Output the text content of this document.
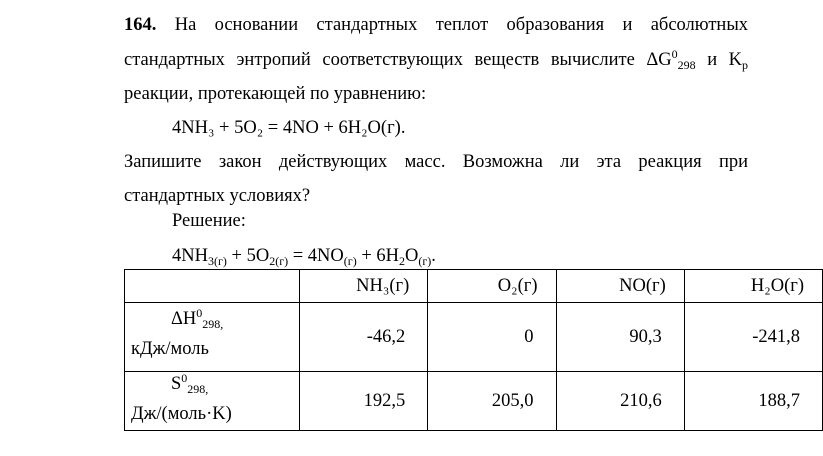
164. На основании стандартных теплот образования и абсолютных
стандартных энтропий соответствующих веществ вычислите $\Delta G^0_{298}$ и $K_p$
реакции, протекающей по уравнению:
4NH₃ + 5O₂ = 4NO + 6H₂O(г).
Запишите закон действующих масс. Возможна ли эта реакция при
стандартных условиях?
Решение:
$4NH_{3(г)} + 5O_{2(г)} = 4NO_{(г)} + 6H_2O_{(г)}$.
	NH₃(г)	O₂(г)	NO(г)	H₂O(г)

$\Delta H^0_{298,}$
кДж/моль	-46,2	0	90,3	-241,8

$S^0_{298,}$
Дж/(моль·K)	192,5	205,0	210,6	188,7
